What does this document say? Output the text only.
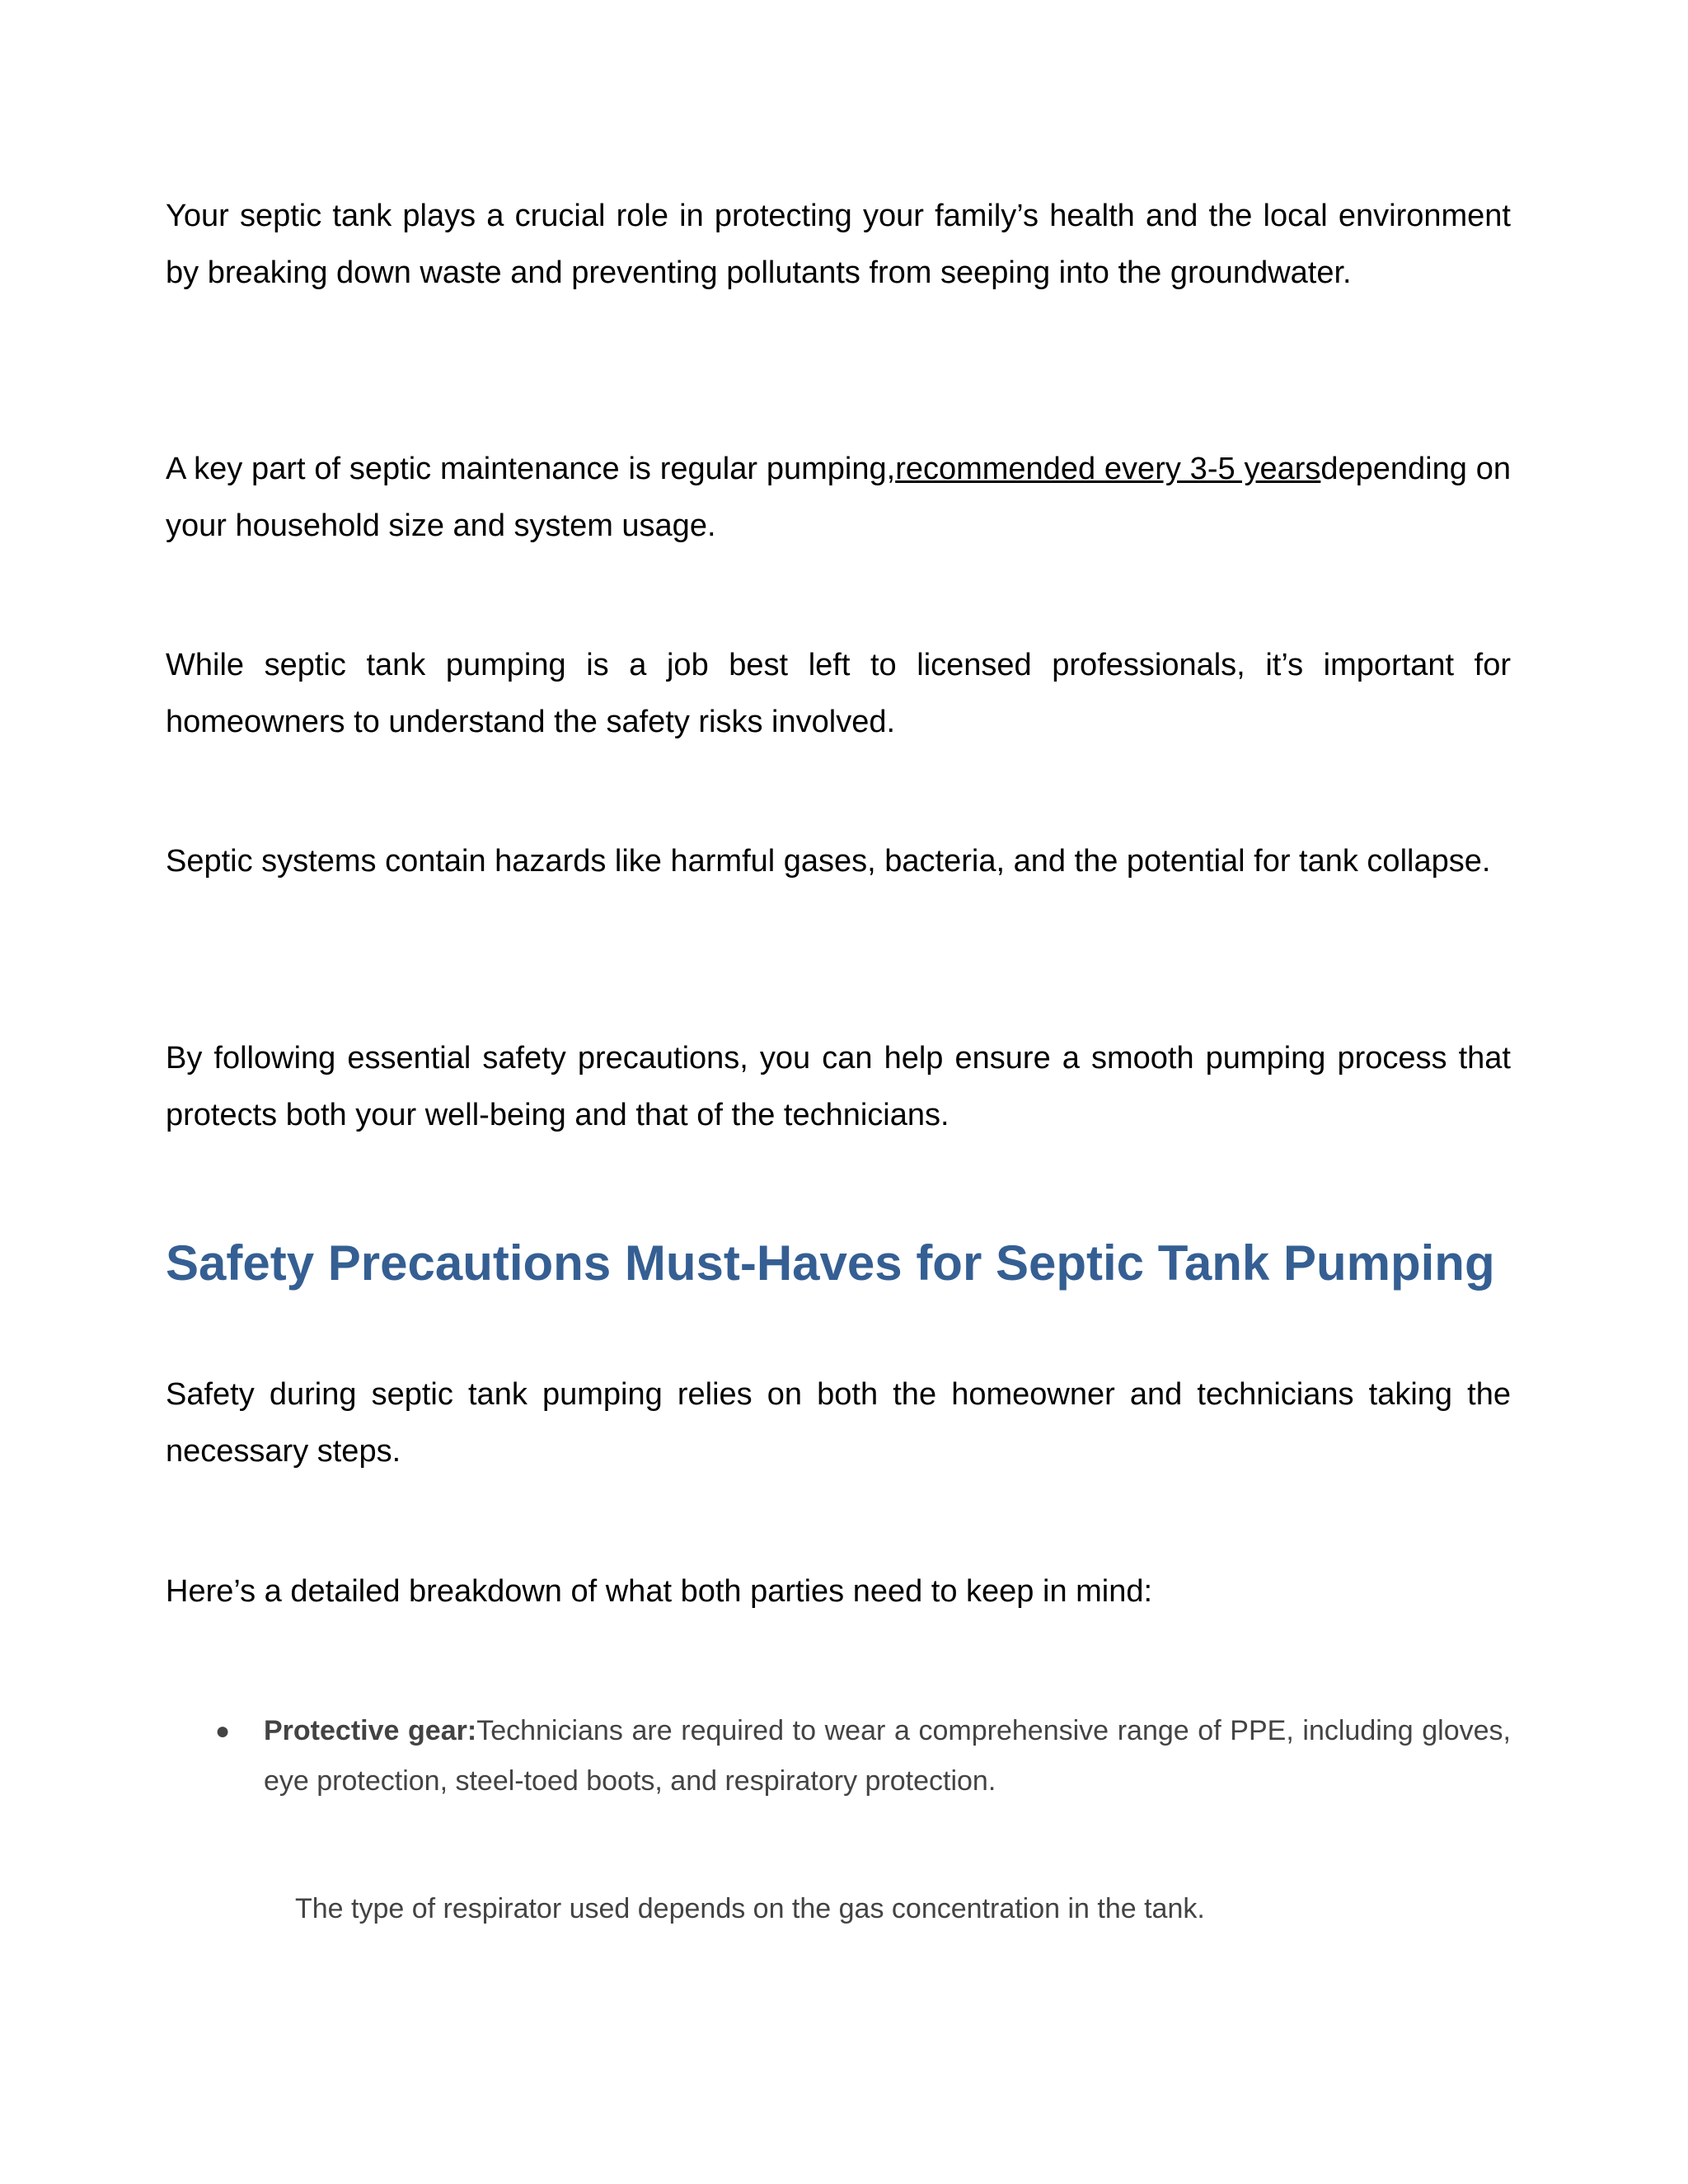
Your septic tank plays a crucial role in protecting your family’s health and the local environment by breaking down waste and preventing pollutants from seeping into the groundwater.

A key part of septic maintenance is regular pumping,recommended every 3-5 yearsdepending on your household size and system usage.

While septic tank pumping is a job best left to licensed professionals, it’s important for homeowners to understand the safety risks involved.

Septic systems contain hazards like harmful gases, bacteria, and the potential for tank collapse.

By following essential safety precautions, you can help ensure a smooth pumping process that protects both your well-being and that of the technicians.

Safety Precautions Must-Haves for Septic Tank Pumping

Safety during septic tank pumping relies on both the homeowner and technicians taking the necessary steps.

Here’s a detailed breakdown of what both parties need to keep in mind:

● Protective gear:Technicians are required to wear a comprehensive range of PPE, including gloves, eye protection, steel-toed boots, and respiratory protection.

The type of respirator used depends on the gas concentration in the tank.
